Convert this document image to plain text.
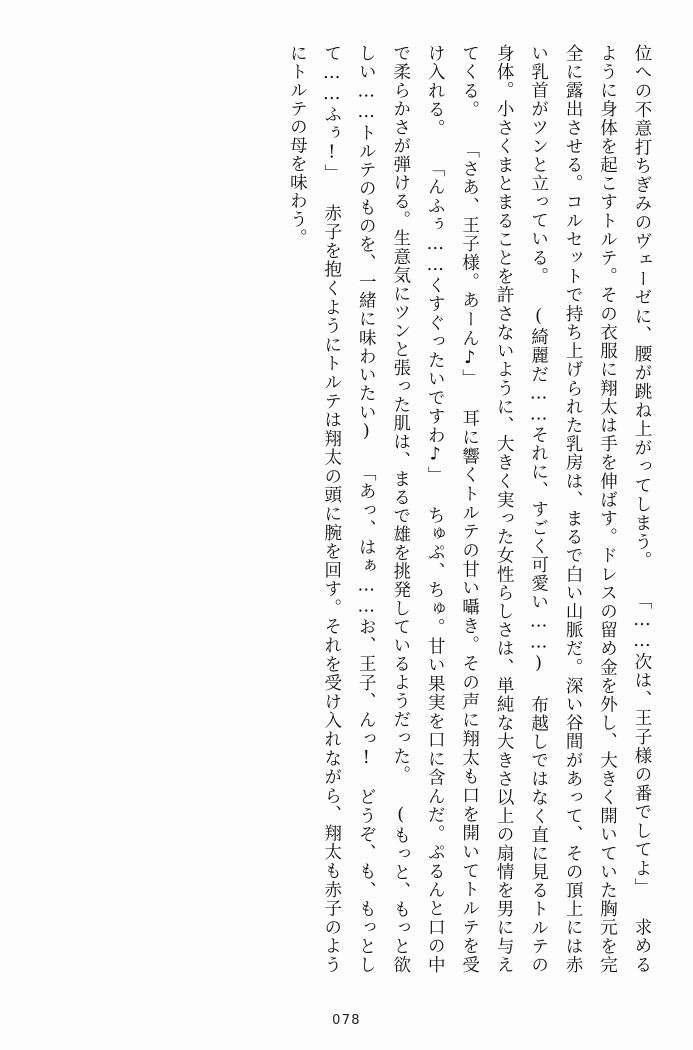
位への不意打ちぎみのヴェーゼに、腰が跳ね上がってしまう。 「……次は、王子様の番でしてよ」 求めるように身体を起こすトルテ。その衣服に翔太は手を伸ばす。ドレスの留め金を外し、大きく開いていた胸元を完全に露出させる。コルセットで持ち上げられた乳房は、まるで白い山脈だ。深い谷間があって、その頂上には赤い乳首がツンと立っている。 (綺麗だ……それに、すごく可愛い……) 布越しではなく直に見るトルテの身体。小さくまとまることを許さないように、大きく実った女性らしさは、単純な大きさ以上の扇情を男に与えてくる。 「さあ、王子様。あーん♪」 耳に響くトルテの甘い囁き。その声に翔太も口を開いてトルテを受け入れる。 「んふぅ……くすぐったいですわ♪」 ちゅぷ、ちゅ。甘い果実を口に含んだ。ぷるんと口の中で柔らかさが弾ける。生意気にツンと張った肌は、まるで雄を挑発しているようだった。 (もっと、もっと欲しい……トルテのものを、一緒に味わいたい) 「あっ、はぁ……お、王子、んっ!　どうぞ、も、もっとして……ふぅ!」 赤子を抱くようにトルテは翔太の頭に腕を回す。それを受け入れながら、翔太も赤子のようにトルテの母を味わう。
078
